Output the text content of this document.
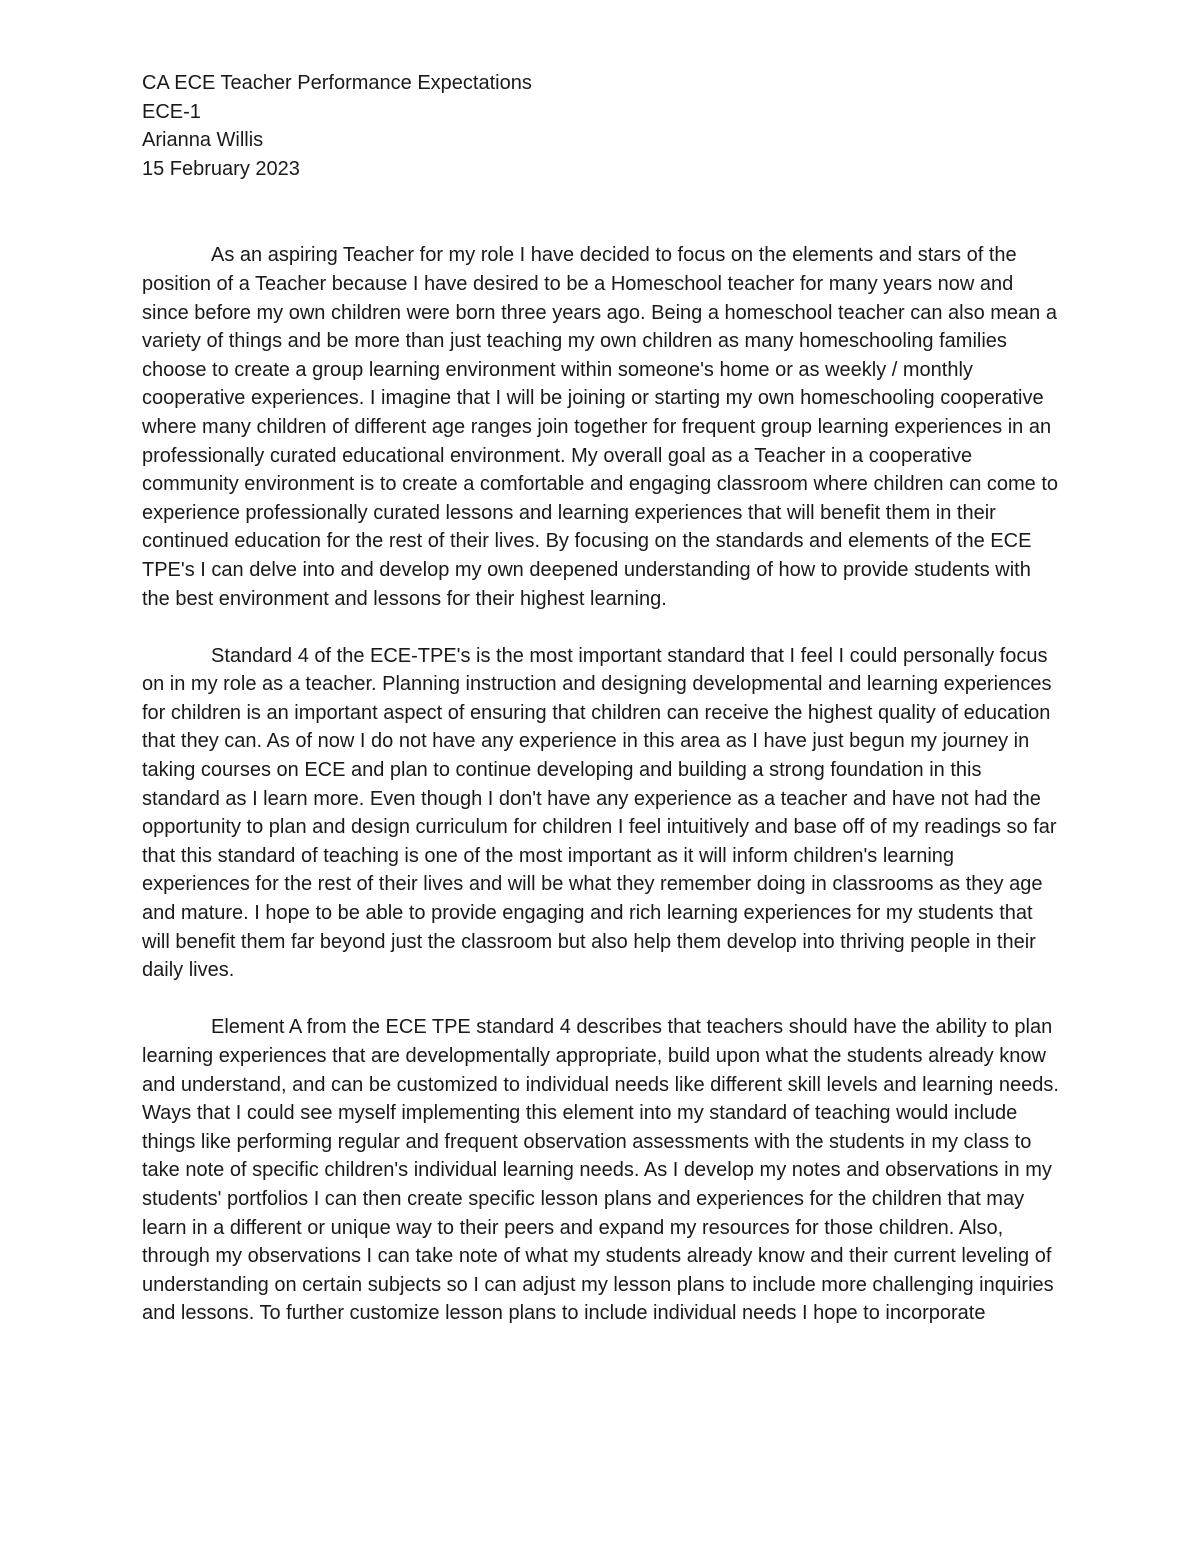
CA ECE Teacher Performance Expectations
ECE-1
Arianna Willis
15 February 2023

As an aspiring Teacher for my role I have decided to focus on the elements and stars of the position of a Teacher because I have desired to be a Homeschool teacher for many years now and since before my own children were born three years ago. Being a homeschool teacher can also mean a variety of things and be more than just teaching my own children as many homeschooling families choose to create a group learning environment within someone's home or as weekly / monthly cooperative experiences. I imagine that I will be joining or starting my own homeschooling cooperative where many children of different age ranges join together for frequent group learning experiences in an professionally curated educational environment. My overall goal as a Teacher in a cooperative community environment is to create a comfortable and engaging classroom where children can come to experience professionally curated lessons and learning experiences that will benefit them in their continued education for the rest of their lives. By focusing on the standards and elements of the ECE TPE's I can delve into and develop my own deepened understanding of how to provide students with the best environment and lessons for their highest learning.

Standard 4 of the ECE-TPE's is the most important standard that I feel I could personally focus on in my role as a teacher. Planning instruction and designing developmental and learning experiences for children is an important aspect of ensuring that children can receive the highest quality of education that they can. As of now I do not have any experience in this area as I have just begun my journey in taking courses on ECE and plan to continue developing and building a strong foundation in this standard as I learn more. Even though I don't have any experience as a teacher and have not had the opportunity to plan and design curriculum for children I feel intuitively and base off of my readings so far that this standard of teaching is one of the most important as it will inform children's learning experiences for the rest of their lives and will be what they remember doing in classrooms as they age and mature. I hope to be able to provide engaging and rich learning experiences for my students that will benefit them far beyond just the classroom but also help them develop into thriving people in their daily lives.

Element A from the ECE TPE standard 4 describes that teachers should have the ability to plan learning experiences that are developmentally appropriate, build upon what the students already know and understand, and can be customized to individual needs like different skill levels and learning needs. Ways that I could see myself implementing this element into my standard of teaching would include things like performing regular and frequent observation assessments with the students in my class to take note of specific children's individual learning needs. As I develop my notes and observations in my students' portfolios I can then create specific lesson plans and experiences for the children that may learn in a different or unique way to their peers and expand my resources for those children. Also, through my observations I can take note of what my students already know and their current leveling of understanding on certain subjects so I can adjust my lesson plans to include more challenging inquiries and lessons. To further customize lesson plans to include individual needs I hope to incorporate
